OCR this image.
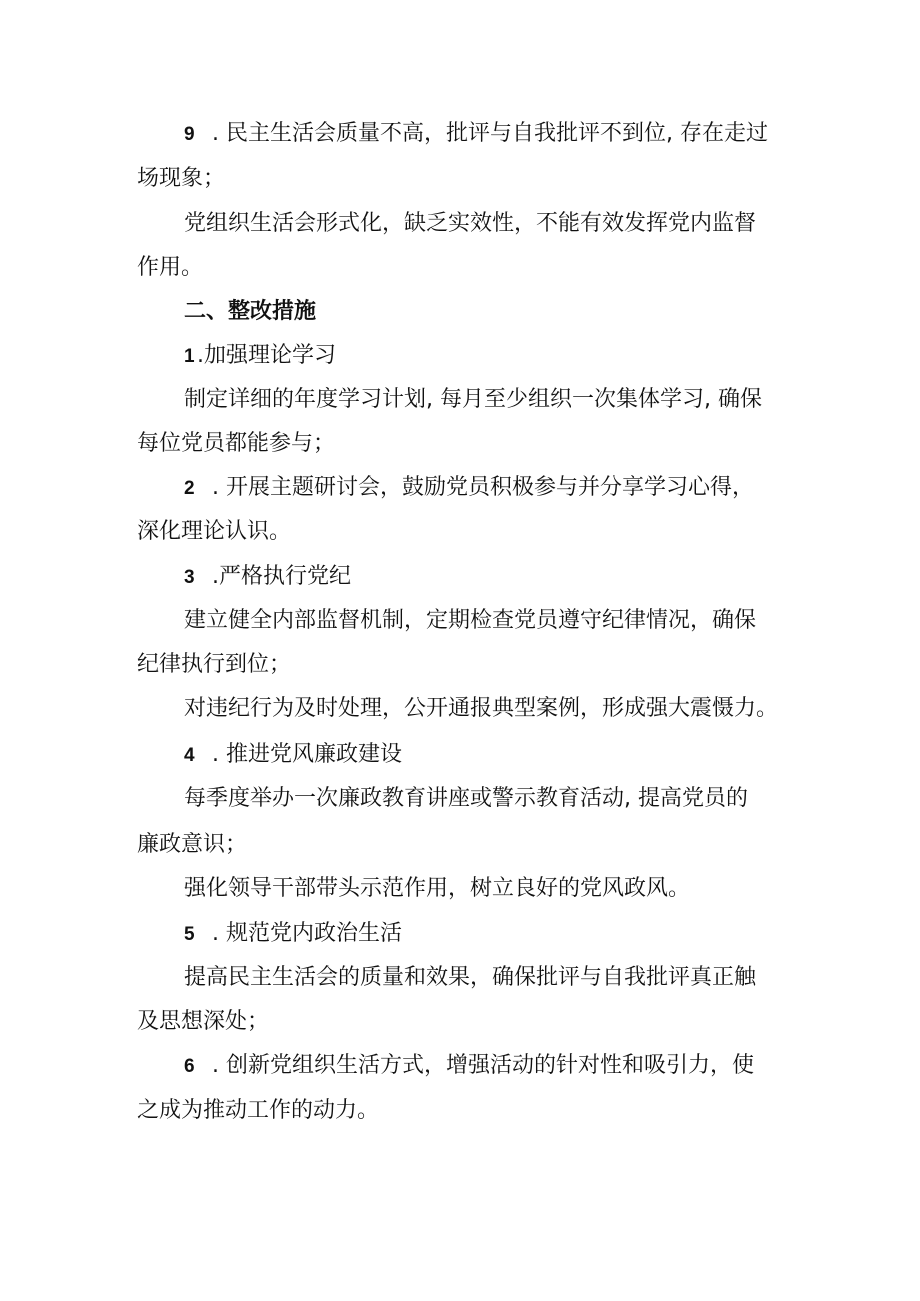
9 . 民主生活会质量不高，批评与自我批评不到位, 存在走过
场现象；
党组织生活会形式化，缺乏实效性，不能有效发挥党内监督
作用。
二、整改措施
1 .加强理论学习
制定详细的年度学习计划, 每月至少组织一次集体学习, 确保
每位党员都能参与；
2 . 开展主题研讨会，鼓励党员积极参与并分享学习心得，
深化理论认识。
3 .严格执行党纪
建立健全内部监督机制，定期检查党员遵守纪律情况，确保
纪律执行到位；
对违纪行为及时处理，公开通报典型案例，形成强大震慑力。
4 . 推进党风廉政建设
每季度举办一次廉政教育讲座或警示教育活动, 提高党员的
廉政意识；
强化领导干部带头示范作用，树立良好的党风政风。
5 . 规范党内政治生活
提高民主生活会的质量和效果，确保批评与自我批评真正触
及思想深处；
6 . 创新党组织生活方式，增强活动的针对性和吸引力，使
之成为推动工作的动力。
